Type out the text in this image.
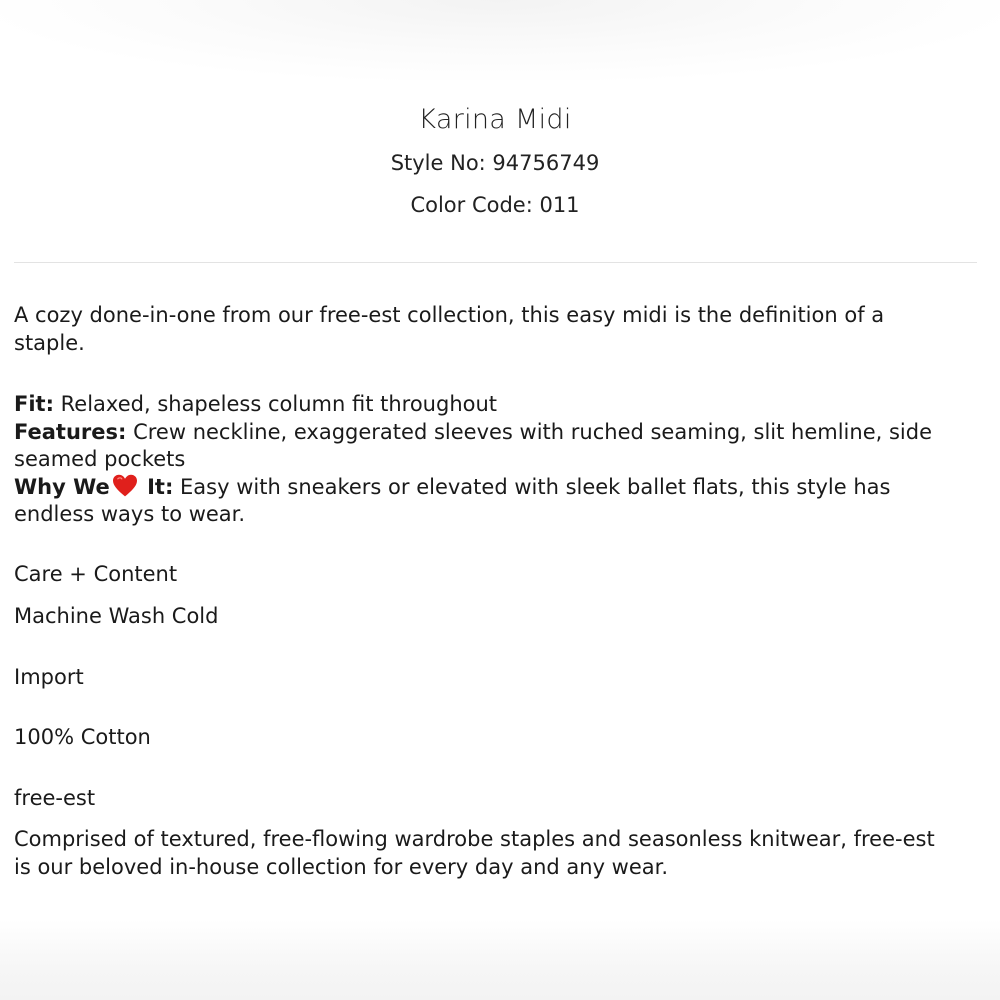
Karina Midi
Style No: 94756749
Color Code: 011

A cozy done-in-one from our free-est collection, this easy midi is the definition of a staple.

Fit: Relaxed, shapeless column fit throughout

Features: Crew neckline, exaggerated sleeves with ruched seaming, slit hemline, side seamed pockets

Why We It: Easy with sneakers or elevated with sleek ballet flats, this style has endless ways to wear.

Care + Content

Machine Wash Cold

Import

100% Cotton

free-est

Comprised of textured, free-flowing wardrobe staples and seasonless knitwear, free-est is our beloved in-house collection for every day and any wear.
